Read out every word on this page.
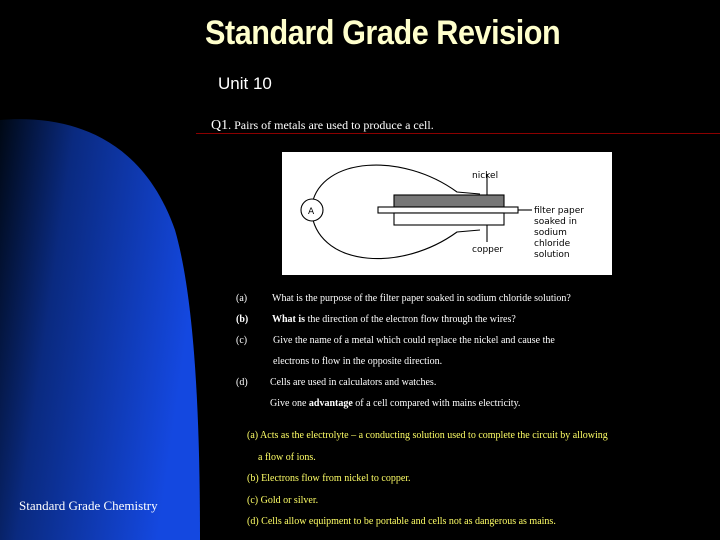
Standard Grade Revision
Unit 10
Q1. Pairs of metals are used to produce a cell.
A
nickel
copper
filter paper
soaked in
sodium
chloride
solution
(a) What is the purpose of the filter paper soaked in sodium chloride solution?
(b) What is the direction of the electron flow through the wires?
(c)	Give the name of a metal which could replace the nickel and cause the
electrons to flow in the opposite direction.
(d) Cells are used in calculators and watches.
Give one advantage of a cell compared with mains electricity.
(a) Acts as the electrolyte – a conducting solution used to complete the circuit by allowing
a flow of ions.
(b) Electrons flow from nickel to copper.
(c) Gold or silver.
(d) Cells allow equipment to be portable and cells not as dangerous as mains.
Standard Grade Chemistry
